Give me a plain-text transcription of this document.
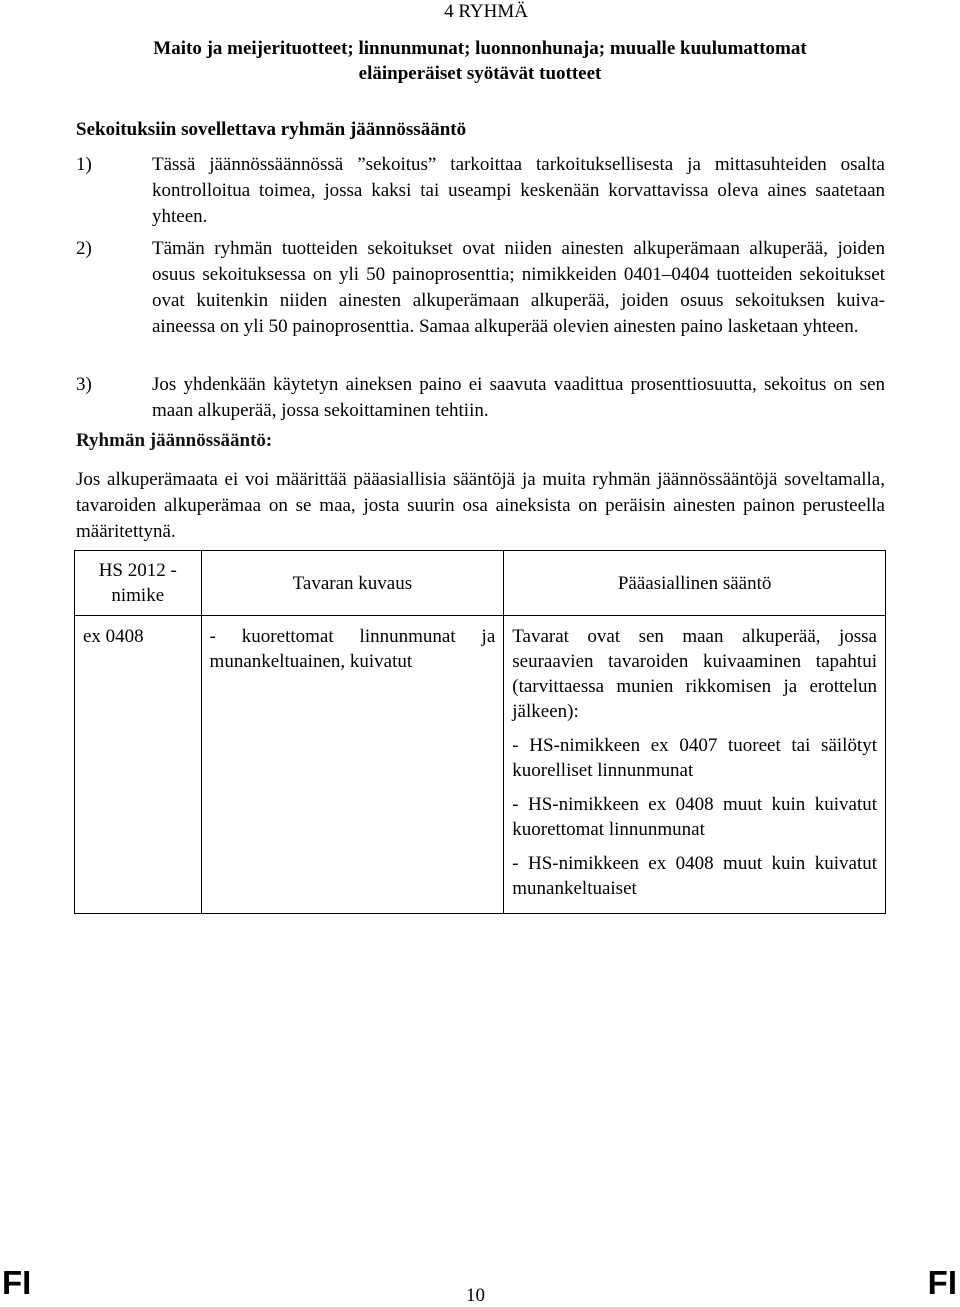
4 RYHMÄ
Maito ja meijerituotteet; linnunmunat; luonnonhunaja; muualle kuulumattomat
eläinperäiset syötävät tuotteet
Sekoituksiin sovellettava ryhmän jäännössääntö
1)	Tässä jäännössäännössä ”sekoitus” tarkoittaa tarkoituksellisesta ja mittasuhteiden osalta kontrolloitua toimea, jossa kaksi tai useampi keskenään korvattavissa oleva aines saatetaan yhteen.
2)	Tämän ryhmän tuotteiden sekoitukset ovat niiden ainesten alkuperämaan alkuperää, joiden osuus sekoituksessa on yli 50 painoprosenttia; nimikkeiden 0401–0404 tuotteiden sekoitukset ovat kuitenkin niiden ainesten alkuperämaan alkuperää, joiden osuus sekoituksen kuiva-aineessa on yli 50 painoprosenttia. Samaa alkuperää olevien ainesten paino lasketaan yhteen.
3)	Jos yhdenkään käytetyn aineksen paino ei saavuta vaadittua prosenttiosuutta, sekoitus on sen maan alkuperää, jossa sekoittaminen tehtiin.
Ryhmän jäännössääntö:
Jos alkuperämaata ei voi määrittää pääasiallisia sääntöjä ja muita ryhmän jäännössääntöjä soveltamalla, tavaroiden alkuperämaa on se maa, josta suurin osa aineksista on peräisin ainesten painon perusteella määritettynä.
HS 2012 - nimike	Tavaran kuvaus	Pääasiallinen sääntö
ex 0408	- kuorettomat linnunmunat ja munankeltuainen, kuivatut	Tavarat ovat sen maan alkuperää, jossa seuraavien tavaroiden kuivaaminen tapahtui (tarvittaessa munien rikkomisen ja erottelun jälkeen):

- HS-nimikkeen ex 0407 tuoreet tai säilötyt kuorelliset linnunmunat

- HS-nimikkeen ex 0408 muut kuin kuivatut kuorettomat linnunmunat

- HS-nimikkeen ex 0408 muut kuin kuivatut munankeltuaiset

FI	10	FI
